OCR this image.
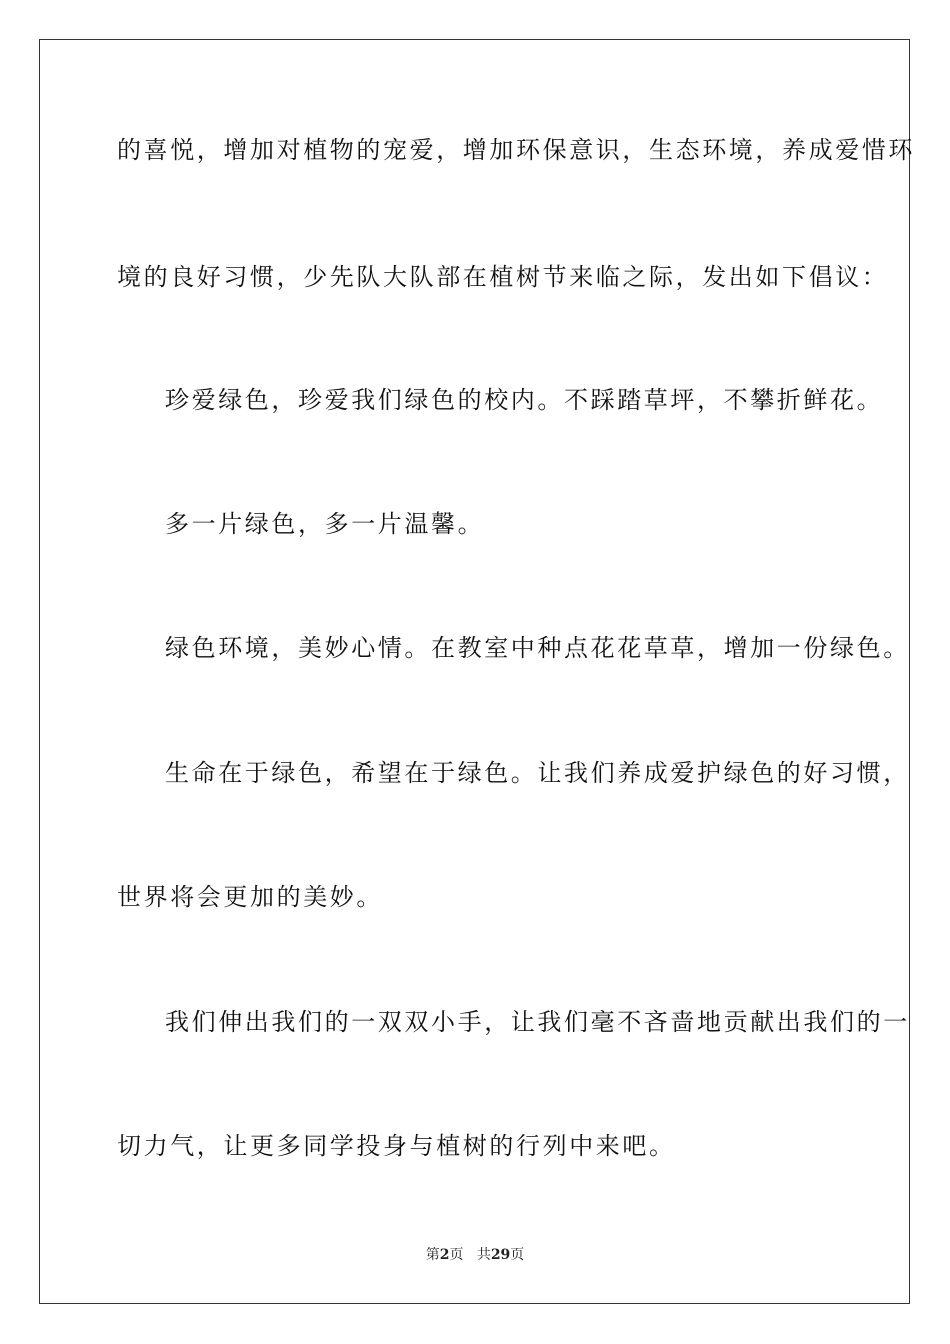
的喜悦，增加对植物的宠爱，增加环保意识，生态环境，养成爱惜环
境的良好习惯，少先队大队部在植树节来临之际，发出如下倡议：
珍爱绿色，珍爱我们绿色的校内。不踩踏草坪，不攀折鲜花。
多一片绿色，多一片温馨。
绿色环境，美妙心情。在教室中种点花花草草，增加一份绿色。
生命在于绿色，希望在于绿色。让我们养成爱护绿色的好习惯，
世界将会更加的美妙。
我们伸出我们的一双双小手，让我们毫不吝啬地贡献出我们的一
切力气，让更多同学投身与植树的行列中来吧。
第2页 共29页
